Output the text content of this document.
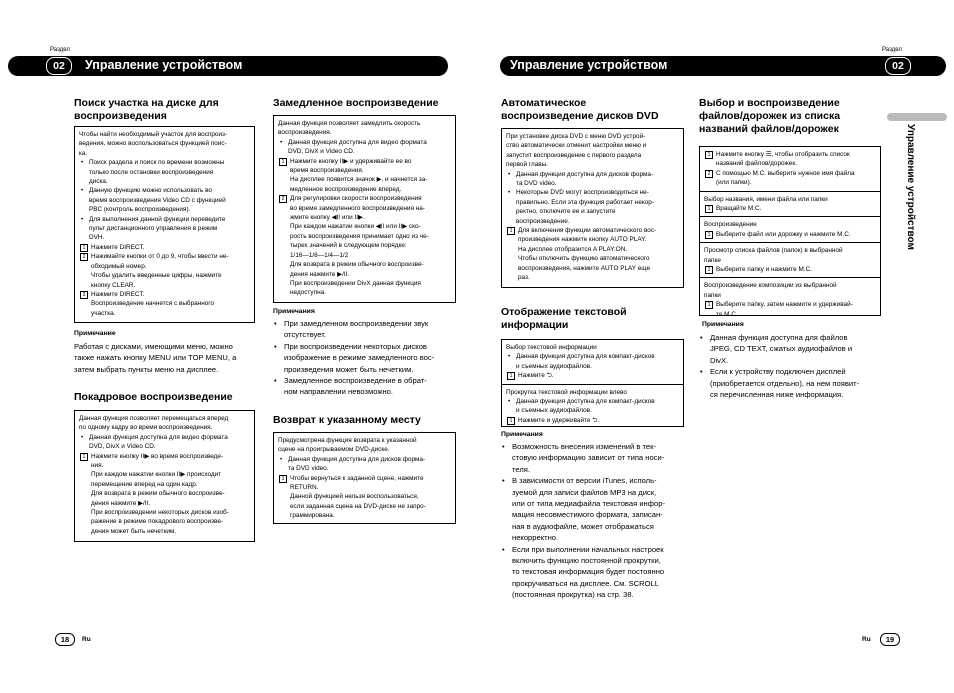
Раздел
02	Управление устройством
Раздел
Управление устройством	02
Управление устройством
Поиск участка на диске для
воспроизведения
Чтобы найти необходимый участок для воспроиз-
ведения, можно воспользоваться функцией поис-
ка.
• Поиск раздела и поиск по времени возможны
только после остановки воспроизведения
диска.
• Данную функцию можно использовать во
время воспроизведения Video CD с функцией
PBC (контроль воспроизведения).
• Для выполнения данной функции переведите
пульт дистанционного управления в режим
DVH.
1 Нажмите DIRECT.
2 Нажимайте кнопки от 0 до 9, чтобы ввести не-
обходимый номер.
Чтобы удалить введенные цифры, нажмите
кнопку CLEAR.
3 Нажмите DIRECT.
Воспроизведение начнется с выбранного
участка.
Примечание
Работая с дисками, имеющими меню, можно
также нажать кнопку MENU или TOP MENU, а
затем выбрать пункты меню на дисплее.
Покадровое воспроизведение
Данная функция позволяет перемещаться вперед
по одному кадру во время воспроизведения.
• Данная функция доступна для видео формата
DVD, DivX и Video CD.
1 Нажмите кнопку II▶ во время воспроизведе-
ния.
При каждом нажатии кнопки II▶ происходит
перемещение вперед на один кадр.
Для возврата в режим обычного воспроизве-
дения нажмите ▶/II.
При воспроизведении некоторых дисков изоб-
ражение в режиме покадрового воспроизве-
дения может быть нечетким.
Замедленное воспроизведение
Данная функция позволяет замедлить скорость
воспроизведения.
• Данная функция доступна для видео формата
DVD, DivX и Video CD.
1 Нажмите кнопку II▶ и удерживайте ее во
время воспроизведения.
На дисплее появится значок ▶, и начнется за-
медленное воспроизведение вперед.
2 Для регулировки скорости воспроизведения
во время замедленного воспроизведения на-
жмите кнопку ◀II или II▶.
При каждом нажатии кнопки ◀II или II▶ ско-
рость воспроизведения принимает одно из че-
тырех значений в следующем порядке:
1/16—1/8—1/4—1/2
Для возврата в режим обычного воспроизве-
дения нажмите ▶/II.
При воспроизведении DivX данная функция
недоступна.
Примечания
• При замедленном воспроизведении звук
отсутствует.
• При воспроизведении некоторых дисков
изображение в режиме замедленного вос-
произведения может быть нечетким.
• Замедленное воспроизведение в обрат-
ном направлении невозможно.
Возврат к указанному месту
Предусмотрена функция возврата к указанной
сцене на проигрываемом DVD-диске.
• Данная функция доступна для дисков форма-
та DVD video.
1 Чтобы вернуться к заданной сцене, нажмите
RETURN.
Данной функцией нельзя воспользоваться,
если заданная сцена на DVD-диске не запро-
граммирована.
Автоматическое
воспроизведение дисков DVD
При установке диска DVD с меню DVD устрой-
ство автоматически отменит настройки меню и
запустит воспроизведение с первого раздела
первой главы.
• Данная функция доступна для дисков форма-
та DVD video.
• Некоторые DVD могут воспроизводиться не-
правильно. Если эта функция работает некор-
ректно, отключите ее и запустите
воспроизведение.
1 Для включения функции автоматического вос-
произведения нажмите кнопку AUTO PLAY.
На дисплее отобразится A PLAY:ON.
Чтобы отключить функцию автоматического
воспроизведения, нажмите AUTO PLAY еще
раз.
Отображение текстовой
информации
Выбор текстовой информации
• Данная функция доступна для компакт-дисков
и съемных аудиофайлов.
1 Нажмите ⮌.
Прокрутка текстовой информации влево
• Данная функция доступна для компакт-дисков
и съемных аудиофайлов.
1 Нажмите и удерживайте ⮌.
Примечания
• Возможность внесения изменений в тек-
стовую информацию зависит от типа носи-
теля.
• В зависимости от версии iTunes, исполь-
зуемой для записи файлов MP3 на диск,
или от типа медиафайла текстовая инфор-
мация несовместимого формата, записан-
ная в аудиофайле, может отображаться
некорректно.
• Если при выполнении начальных настроек
включить функцию постоянной прокрутки,
то текстовая информация будет постоянно
прокручиваться на дисплее. См. SCROLL
(постоянная прокрутка) на стр. 38.
Выбор и воспроизведение
файлов/дорожек из списка
названий файлов/дорожек
1 Нажмите кнопку ☰, чтобы отобразить список
названий файлов/дорожек.
2 С помощью M.C. выберите нужное имя файла
(или папки).
Выбор названия, имени файла или папки
1 Вращайте M.C.
Воспроизведение
1 Выберите файл или дорожку и нажмите M.C.
Просмотр списка файлов (папок) в выбранной
папке
1 Выберите папку и нажмите M.C.
Воспроизведение композиции из выбранной
папки
1 Выберите папку, затем нажмите и удерживай-
те M.C.
Примечания
• Данная функция доступна для файлов
JPEG, CD TEXT, сжатых аудиофайлов и
DivX.
• Если к устройству подключен дисплей
(приобретается отдельно), на нем появит-
ся перечисленная ниже информация.
18	Ru	Ru	19
